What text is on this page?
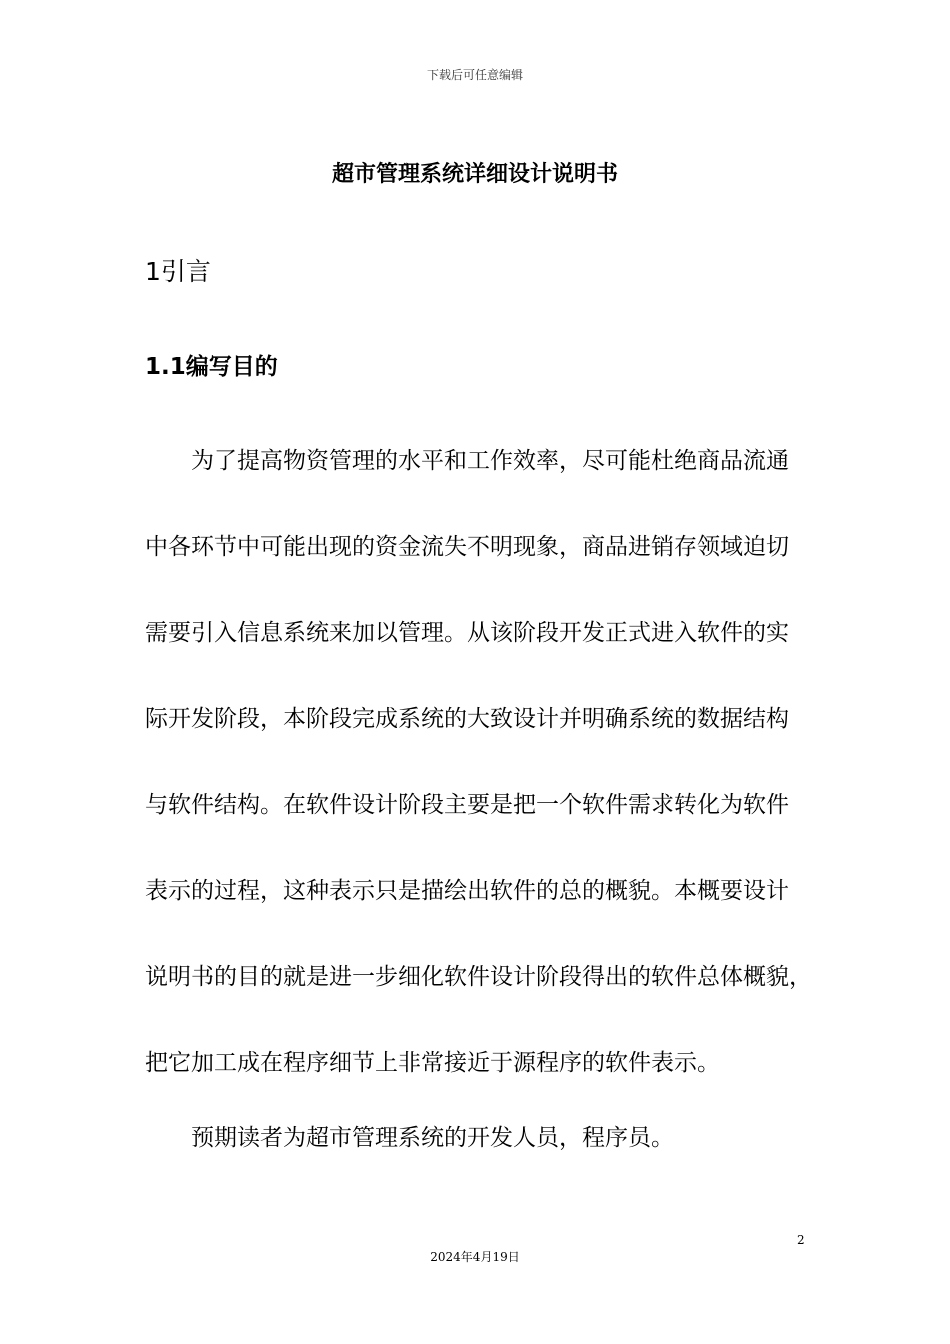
下载后可任意编辑
超市管理系统详细设计说明书
1引言
1.1编写目的
为了提高物资管理的水平和工作效率，尽可能杜绝商品流通
中各环节中可能出现的资金流失不明现象，商品进销存领域迫切
需要引入信息系统来加以管理。从该阶段开发正式进入软件的实
际开发阶段，本阶段完成系统的大致设计并明确系统的数据结构
与软件结构。在软件设计阶段主要是把一个软件需求转化为软件
表示的过程，这种表示只是描绘出软件的总的概貌。本概要设计
说明书的目的就是进一步细化软件设计阶段得出的软件总体概貌，
把它加工成在程序细节上非常接近于源程序的软件表示。
预期读者为超市管理系统的开发人员，程序员。
2
2024年4月19日
